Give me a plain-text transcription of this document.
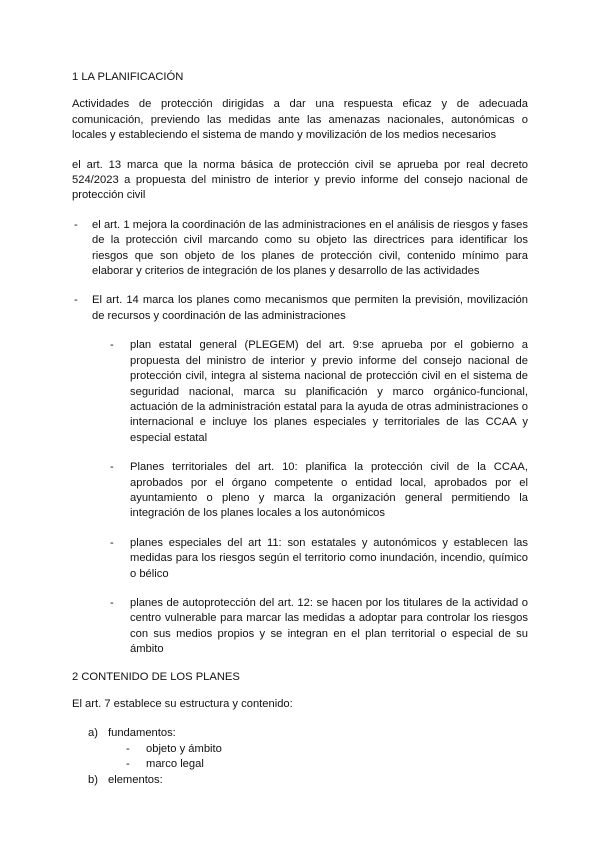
1 LA PLANIFICACIÓN

Actividades de protección dirigidas a dar una respuesta eficaz y de adecuada comunicación, previendo las medidas ante las amenazas nacionales, autonómicas o locales y estableciendo el sistema de mando y movilización de los medios necesarios

el art. 13 marca que la norma básica de protección civil se aprueba por real decreto 524/2023 a propuesta del ministro de interior y previo informe del consejo nacional de protección civil

- el art. 1 mejora la coordinación de las administraciones en el análisis de riesgos y fases de la protección civil marcando como su objeto las directrices para identificar los riesgos que son objeto de los planes de protección civil, contenido mínimo para elaborar y criterios de integración de los planes y desarrollo de las actividades

- El art. 14 marca los planes como mecanismos que permiten la previsión, movilización de recursos y coordinación de las administraciones

- plan estatal general (PLEGEM) del art. 9:se aprueba por el gobierno a propuesta del ministro de interior y previo informe del consejo nacional de protección civil, integra al sistema nacional de protección civil en el sistema de seguridad nacional, marca su planificación y marco orgánico-funcional, actuación de la administración estatal para la ayuda de otras administraciones o internacional e incluye los planes especiales y territoriales de las CCAA y especial estatal

- Planes territoriales del art. 10: planifica la protección civil de la CCAA, aprobados por el órgano competente o entidad local, aprobados por el ayuntamiento o pleno y marca la organización general permitiendo la integración de los planes locales a los autonómicos

- planes especiales del art 11: son estatales y autonómicos y establecen las medidas para los riesgos según el territorio como inundación, incendio, químico o bélico

- planes de autoprotección del art. 12: se hacen por los titulares de la actividad o centro vulnerable para marcar las medidas a adoptar para controlar los riesgos con sus medios propios y se integran en el plan territorial o especial de su ámbito

2 CONTENIDO DE LOS PLANES

El art. 7 establece su estructura y contenido:

a) fundamentos:
- objeto y ámbito
- marco legal
b) elementos:
